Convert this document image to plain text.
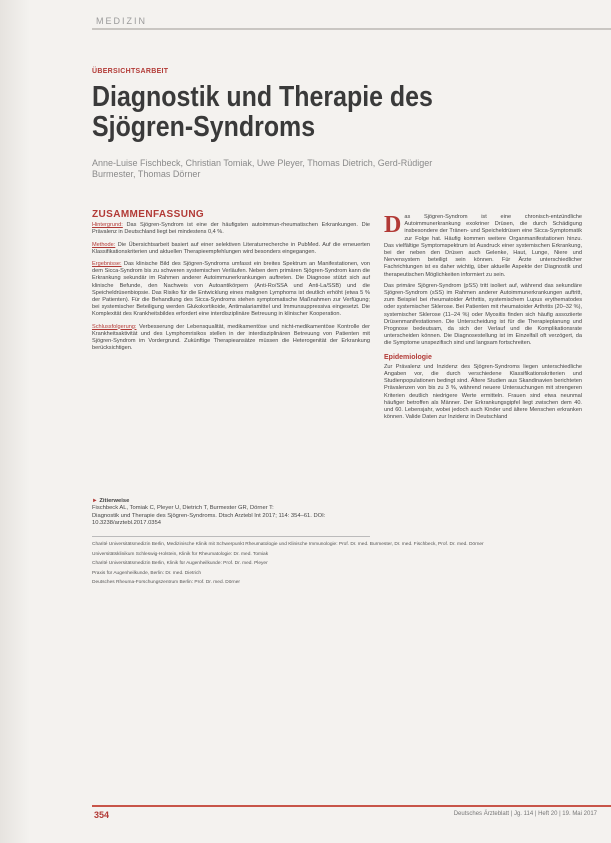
MEDIZIN
ÜBERSICHTSARBEIT
Diagnostik und Therapie des Sjögren-Syndroms
Anne-Luise Fischbeck, Christian Tomiak, Uwe Pleyer, Thomas Dietrich, Gerd-Rüdiger Burmester, Thomas Dörner
ZUSAMMENFASSUNG

Hintergrund: Das Sjögren-Syndrom ist eine der häufigsten autoimmun-rheumatischen Erkrankungen. Die Prävalenz in Deutschland liegt bei mindestens 0,4 %.

Methode: Die Übersichtsarbeit basiert auf einer selektiven Literaturrecherche in PubMed. Auf die erneuerten Klassifikationskriterien und aktuellen Therapieempfehlungen wird besonders eingegangen.

Ergebnisse: Das klinische Bild des Sjögren-Syndroms umfasst ein breites Spektrum an Manifestationen, von dem Sicca-Syndrom bis zu schweren systemischen Verläufen. Neben dem primären Sjögren-Syndrom kann die Erkrankung sekundär im Rahmen anderer Autoimmunerkrankungen auftreten. Die Diagnose stützt sich auf klinische Befunde, den Nachweis von Autoantikörpern (Anti-Ro/SSA und Anti-La/SSB) und die Speicheldrüsenbiopsie. Das Risiko für die Entwicklung eines malignen Lymphoms ist deutlich erhöht (etwa 5 % der Patienten). Für die Behandlung des Sicca-Syndroms stehen symptomatische Maßnahmen zur Verfügung; bei systemischer Beteiligung werden Glukokortikoide, Antimalariamittel und Immunsuppressiva eingesetzt. Die Komplexität des Krankheitsbildes erfordert eine interdisziplinäre Betreuung in klinischer Kooperation.

Schlussfolgerung: Verbesserung der Lebensqualität, medikamentöse und nicht-medikamentöse Kontrolle der Krankheitsaktivität und des Lymphomrisikos stellen in der interdisziplinären Betreuung von Patienten mit Sjögren-Syndrom im Vordergrund. Zukünftige Therapieansätze müssen die Heterogenität der Erkrankung berücksichtigen.

► Zitierweise
Fischbeck AL, Tomiak C, Pleyer U, Dietrich T, Burmester GR, Dörner T:
Diagnostik und Therapie des Sjögren-Syndroms. Dtsch Arztebl Int 2017; 114: 354–61. DOI: 10.3238/arztebl.2017.0354
Charité Universitätsmedizin Berlin, Medizinische Klinik mit Schwerpunkt Rheumatologie und Klinische Immunologie: Prof. Dr. med. Burmester, Dr. med. Fischbeck, Prof. Dr. med. Dörner
Universitätsklinikum Schleswig-Holstein, Klinik für Rheumatologie: Dr. med. Tomiak
Charité Universitätsmedizin Berlin, Klinik für Augenheilkunde: Prof. Dr. med. Pleyer
Praxis für Augenheilkunde, Berlin: Dr. med. Dietrich
Deutsches Rheuma-Forschungszentrum Berlin: Prof. Dr. med. Dörner

Das Sjögren-Syndrom ist eine chronisch-entzündliche Autoimmunerkrankung exokriner Drüsen, die durch Schädigung insbesondere der Tränen- und Speicheldrüsen eine Sicca-Symptomatik zur Folge hat. Häufig kommen weitere Organmanifestationen hinzu. Das vielfältige Symptomspektrum ist Ausdruck einer systemischen Erkrankung, bei der neben den Drüsen auch Gelenke, Haut, Lunge, Niere und Nervensystem beteiligt sein können. Für Ärzte unterschiedlicher Fachrichtungen ist es daher wichtig, über aktuelle Aspekte der Diagnostik und therapeutischen Möglichkeiten informiert zu sein.

Das primäre Sjögren-Syndrom (pSS) tritt isoliert auf, während das sekundäre Sjögren-Syndrom (sSS) im Rahmen anderer Autoimmunerkrankungen auftritt, zum Beispiel bei rheumatoider Arthritis, systemischem Lupus erythematodes oder systemischer Sklerose. Bei Patienten mit rheumatoider Arthritis (20–32 %), systemischer Sklerose (11–24 %) oder Myositis finden sich häufig assoziierte Drüsenmanifestationen. Die Unterscheidung ist für die Therapieplanung und Prognose bedeutsam, da sich der Verlauf und die Komplikationsrate unterscheiden können. Die Diagnosestellung ist im Einzelfall oft verzögert, da die Symptome unspezifisch sind und langsam fortschreiten.

Epidemiologie

Zur Prävalenz und Inzidenz des Sjögren-Syndroms liegen unterschiedliche Angaben vor, die durch verschiedene Klassifikationskriterien und Studienpopulationen bedingt sind. Ältere Studien aus Skandinavien berichteten Prävalenzen von bis zu 3 %, während neuere Untersuchungen mit strengeren Kriterien deutlich niedrigere Werte ermitteln. Frauen sind etwa neunmal häufiger betroffen als Männer. Der Erkrankungsgipfel liegt zwischen dem 40. und 60. Lebensjahr, wobei jedoch auch Kinder und ältere Menschen erkranken können. Valide Daten zur Inzidenz in Deutschland

354	Deutsches Ärzteblatt | Jg. 114 | Heft 20 | 19. Mai 2017
